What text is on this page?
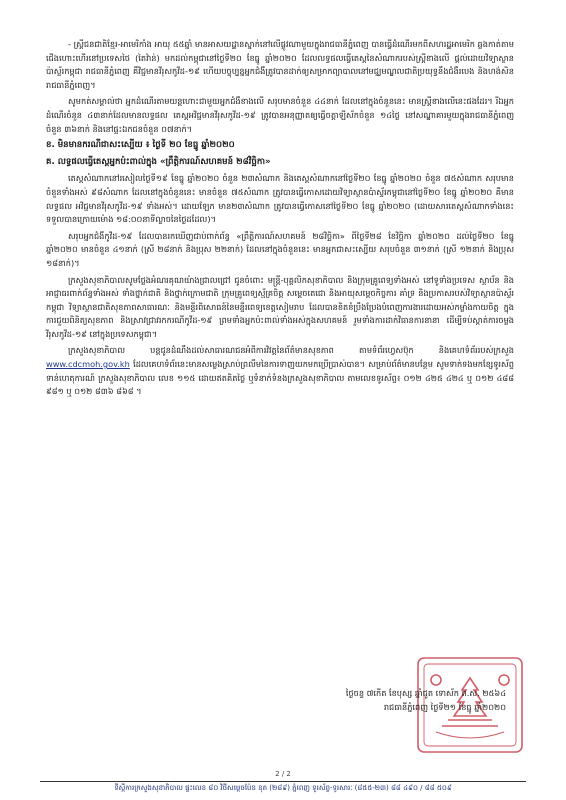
- ស្ត្រីជនជាតិខ្មែរ-អាមេរិកាំង អាយុ ៥៥ឆ្នាំ មានអាសយដ្ឋានស្នាក់នៅលើផ្លូវណាមួយក្នុងរាជធានីភ្នំពេញ បានធ្វើដំណើរមកពីសហរដ្ឋអាមេរិក ឆ្លងកាត់តាមជើងហោះហើរនៅប្រទេសថៃ (តៃវ៉ាន់) មកដល់កម្ពុជានៅថ្ងៃទី២០ ខែធ្នូ ឆ្នាំ២០២០ ដែលលទ្ធផលធ្វើតេស្តនៃសំណាករបស់ស្ត្រីខាងលើ ផ្តល់ដោយវិទ្យាស្ថានប៉ាស្ទ័រកម្ពុជា រាជធានីភ្នំពេញ គឺវិជ្ជមានវីរុសកូវីដ-១៩ ហើយបច្ចុប្បន្នអ្នកជំងឺត្រូវបានដាក់ឲ្យសម្រាកព្យាបាលនៅមជ្ឈមណ្ឌលជាតិប្រយុទ្ធនឹងជំងឺរបេង និងហង់សិន រាជធានីភ្នំពេញ។

សូមកត់សម្គាល់ថា អ្នកដំណើរតាមយន្តហោះជាមួយអ្នកជំងឺខាងលើ សរុបមានចំនួន ៤៤នាក់ ដែលនៅក្នុងចំនួននេះ មានស្ត្រីខាងលើនេះផងដែរ។ រីឯអ្នកដំណើរចំនួន ៤៣នាក់ដែលមានលទ្ធផល តេស្តអវិជ្ជមានវីរុសកូវីដ-១៩ ត្រូវបានអនុញ្ញាតឲ្យធ្វើចត្តាឡីស័កចំនួន ១៤ថ្ងៃ នៅសណ្ឋាគារមួយក្នុងរាជធានីភ្នំពេញ ចំនួន ៣៦នាក់ និងនៅផ្ទះឯកជនចំនួន ០៧នាក់។

ខ. មិនមានករណីជាសះស្បើយ ៖ ថ្ងៃទី ២០ ខែធ្នូ ឆ្នាំ២០២០

គ. លទ្ធផលធ្វើតេស្តអ្នកប៉ះពាល់ក្នុង «ព្រឹត្តិការណ៍សហគមន៍ ២៨វិច្ឆិកា»

តេស្តសំណាកនៅរសៀលថ្ងៃទី១៩ ខែធ្នូ ឆ្នាំ២០២០ ចំនួន ២៣សំណាក និងតេស្តសំណាកនៅថ្ងៃទី២០ ខែធ្នូ ឆ្នាំ២០២០ ចំនួន ៧៥សំណាក សរុបមានចំនួនទាំងអស់ ៩៨សំណាក ដែលនៅក្នុងចំនួននេះ មានចំនួន ៧៥សំណាក ត្រូវបានធ្វើកោសដោយវិទ្យាស្ថានប៉ាស្ទ័រកម្ពុជានៅថ្ងៃទី២០ ខែធ្នូ ឆ្នាំ២០២០ គឺមានលទ្ធផល អវិជ្ជមានវីរុសកូវីដ-១៩ ទាំងអស់។ ដោយឡែក មាន២៣សំណាក ត្រូវបានធ្វើកោសនៅថ្ងៃទី២០ ខែធ្នូ ឆ្នាំ២០២០ (ដោយសារតេស្តសំណាកទាំងនេះ ទទួលបានក្រោយម៉ោង ១៨:០០នាទីល្ងាចនៃថ្ងៃដដែល)។

សរុបអ្នកជំងឺកូវីដ-១៩ ដែលបានរកឃើញជាប់ពាក់ព័ន្ធ «ព្រឹត្តិការណ៍សហគមន៍ ២៨វិច្ឆិកា» ពីថ្ងៃទី២៨ ខែវិច្ឆិកា ឆ្នាំ២០២០ ដល់ថ្ងៃទី២០ ខែធ្នូ ឆ្នាំ២០២០ មានចំនួន ៤១នាក់ (ស្រី ២៨នាក់ និងប្រុស ២២នាក់) ដែលនៅក្នុងចំនួននេះ មានអ្នកជាសះស្បើយ សរុបចំនួន ៣១នាក់ (ស្រី ១២នាក់ និងប្រុស ១៨នាក់)។

ក្រសួងសុខាភិបាលសូមថ្លែងអំណរគុណយ៉ាងជ្រាលជ្រៅ ជូនចំពោះ មន្ត្រី-បុគ្គលិកសុខាភិបាល និងក្រុមគ្រូពេទ្យទាំងអស់ នៅទូទាំងប្រទេស ស្ថាប័ន និងអាជ្ញាធរពាក់ព័ន្ធទាំងអស់ ទាំងថ្នាក់ជាតិ និងថ្នាក់ក្រោមជាតិ ក្រុមគ្រូពេទ្យស្ម័គ្រចិត្ត សម្តេចតេជោ និងអាយុសម្តេចកិច្ចការ គាំទ្រ និងប្រកាសរបស់វិទ្យាស្ថានប៉ាស្ទ័រកម្ពុជា វិទ្យាស្ថានជាតិសុខភាពសាធារណៈ និងមន្ទីរពិសោធន៍នៃមន្ទីរពេទ្យខេត្តសៀមរាប ដែលបានខិតខំប្រឹងប្រែងបំពេញការងារដោយអស់កម្លាំងកាយចិត្ត ក្នុងការជួយពិនិត្យសុខភាព និងស្រាវជ្រាវរកករណីកូវីដ-១៩ ព្រមទាំងអ្នកប៉ះពាល់ទាំងអស់ក្នុងសហគមន៍ រួមទាំងការដាក់វិធានការនានា ដើម្បីទប់ស្កាត់ការចម្លងវីរុសកូវីដ-១៩ នៅក្នុងប្រទេសកម្ពុជា។

ក្រសួងសុខាភិបាល បន្តជូនដំណឹងដល់សាធារណជនអំពីការវិវត្តនៃព័ត៌មានសុខភាព តាមទំព័រហ្វេសប៊ុក និងគេហទំព័ររបស់ក្រសួង www.cdcmoh.gov.kh ដែលគេហទំព័រនេះមានសម្លេងស្រាប់ព្រលឹមនៃការទាញយកមកប្រើប្រាស់បាន។ សម្រាប់ព័ត៌មានបន្ថែម សូមទាក់ទងមកខ្សែទូរស័ព្ទទាន់ហេតុការណ៍ ក្រសួងសុខាភិបាល លេខ ១១៥ ដោយឥតគិតថ្លៃ ឬទំនាក់ទំនងក្រសួងសុខាភិបាល តាមលេខទូរស័ព្ទ៖ ០១២ ៤២៥ ៤២៤ ឬ ០១២ ៤៨៨ ៩៨១ ឬ ០១២ ៨៣៦ ៨៦៨ ។

ថ្ងៃចន្ទ ៧កើត ខែបុស្ស ឆ្នាំជូត ទោស័ក ព.ស. ២៥៦៤
រាជធានីភ្នំពេញ ថ្ងៃទី២១ ខែធ្នូ ឆ្នាំ២០២០
2 / 2
ទីស្តីការក្រសួងសុខាភិបាល ផ្ទះលេខ ៨០ វិថីសម្តេចប៉ែន នុត (២៨៩) ភ្នំពេញ ទូរស័ព្ទ-ទូរសារៈ (៨៥៥-២៣) ៨៨ ៤៩០ / ៨៨ ៥០៩
